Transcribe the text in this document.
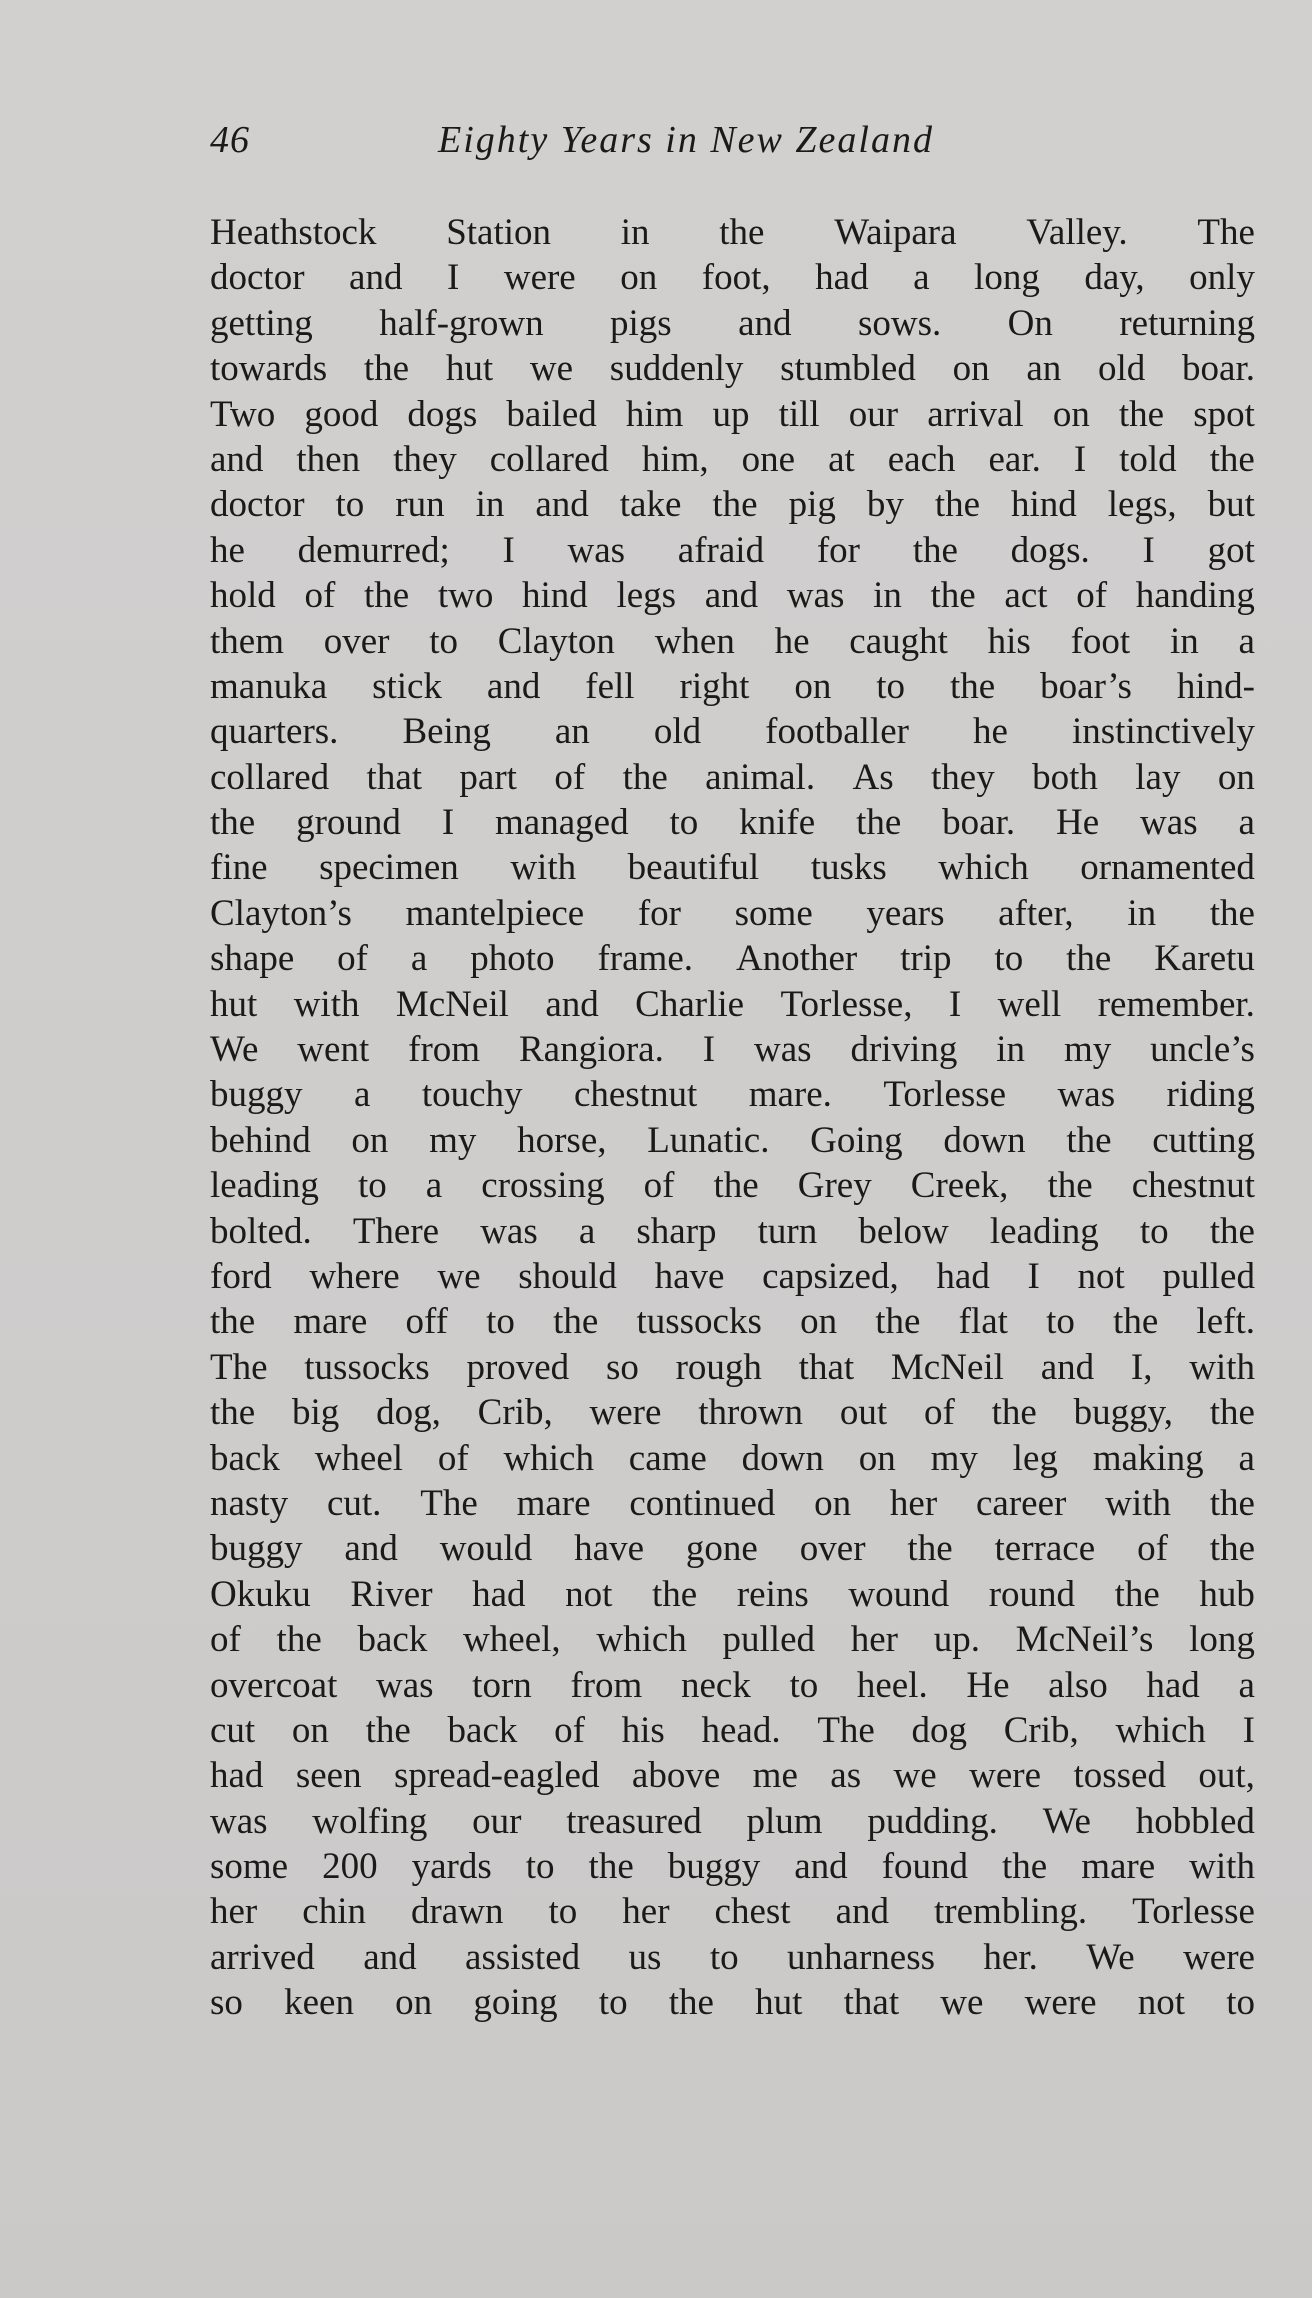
46	Eighty Years in New Zealand
Heathstock Station in the Waipara Valley. The
doctor and I were on foot, had a long day, only
getting half-grown pigs and sows. On returning
towards the hut we suddenly stumbled on an old boar.
Two good dogs bailed him up till our arrival on the spot
and then they collared him, one at each ear. I told the
doctor to run in and take the pig by the hind legs, but
he demurred; I was afraid for the dogs. I got
hold of the two hind legs and was in the act of handing
them over to Clayton when he caught his foot in a
manuka stick and fell right on to the boar’s hind-
quarters. Being an old footballer he instinctively
collared that part of the animal. As they both lay on
the ground I managed to knife the boar. He was a
fine specimen with beautiful tusks which ornamented
Clayton’s mantelpiece for some years after, in the
shape of a photo frame. Another trip to the Karetu
hut with McNeil and Charlie Torlesse, I well remember.
We went from Rangiora. I was driving in my uncle’s
buggy a touchy chestnut mare. Torlesse was riding
behind on my horse, Lunatic. Going down the cutting
leading to a crossing of the Grey Creek, the chestnut
bolted. There was a sharp turn below leading to the
ford where we should have capsized, had I not pulled
the mare off to the tussocks on the flat to the left.
The tussocks proved so rough that McNeil and I, with
the big dog, Crib, were thrown out of the buggy, the
back wheel of which came down on my leg making a
nasty cut. The mare continued on her career with the
buggy and would have gone over the terrace of the
Okuku River had not the reins wound round the hub
of the back wheel, which pulled her up. McNeil’s long
overcoat was torn from neck to heel. He also had a
cut on the back of his head. The dog Crib, which I
had seen spread-eagled above me as we were tossed out,
was wolfing our treasured plum pudding. We hobbled
some 200 yards to the buggy and found the mare with
her chin drawn to her chest and trembling. Torlesse
arrived and assisted us to unharness her. We were
so keen on going to the hut that we were not to
